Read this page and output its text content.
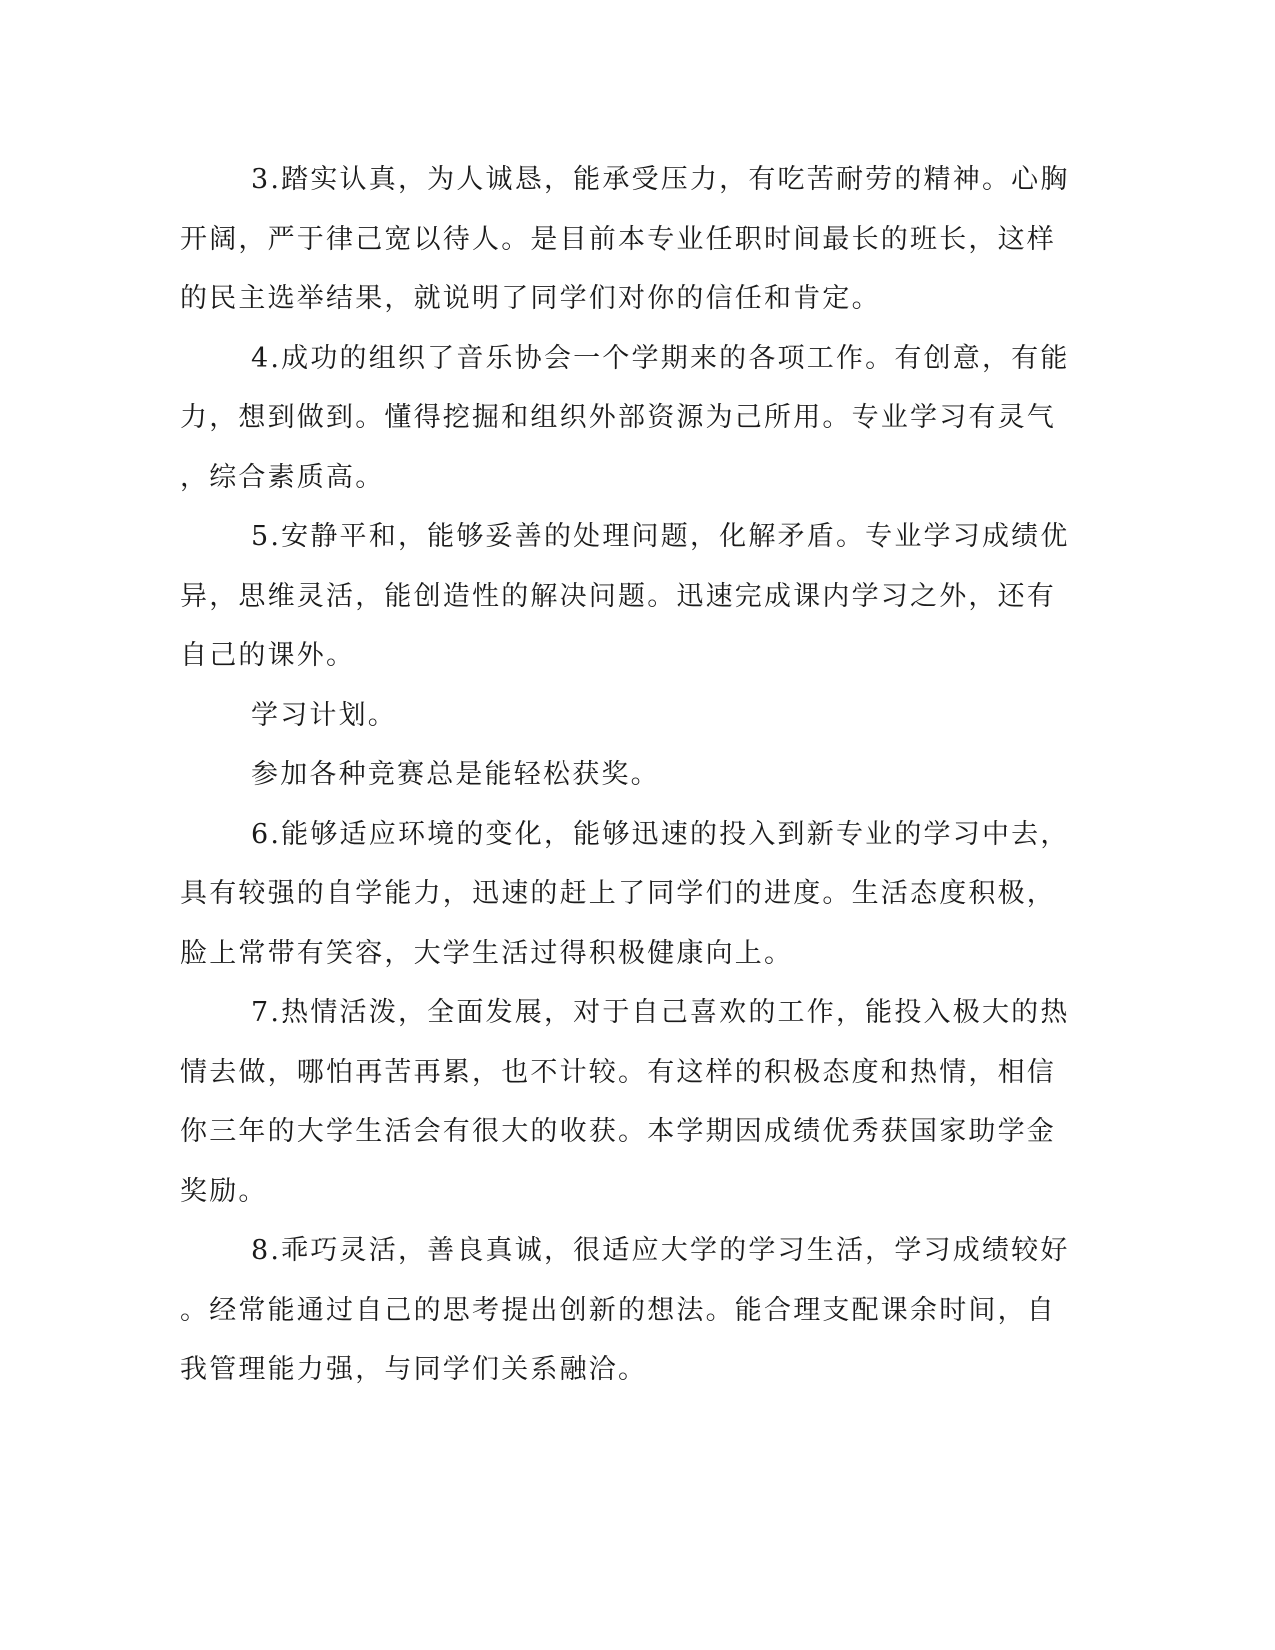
3.踏实认真，为人诚恳，能承受压力，有吃苦耐劳的精神。心胸
开阔，严于律己宽以待人。是目前本专业任职时间最长的班长，这样
的民主选举结果，就说明了同学们对你的信任和肯定。

4.成功的组织了音乐协会一个学期来的各项工作。有创意，有能
力，想到做到。懂得挖掘和组织外部资源为己所用。专业学习有灵气
，综合素质高。

5.安静平和，能够妥善的处理问题，化解矛盾。专业学习成绩优
异，思维灵活，能创造性的解决问题。迅速完成课内学习之外，还有
自己的课外。

学习计划。

参加各种竞赛总是能轻松获奖。

6.能够适应环境的变化，能够迅速的投入到新专业的学习中去，
具有较强的自学能力，迅速的赶上了同学们的进度。生活态度积极，
脸上常带有笑容，大学生活过得积极健康向上。

7.热情活泼，全面发展，对于自己喜欢的工作，能投入极大的热
情去做，哪怕再苦再累，也不计较。有这样的积极态度和热情，相信
你三年的大学生活会有很大的收获。本学期因成绩优秀获国家助学金
奖励。

8.乖巧灵活，善良真诚，很适应大学的学习生活，学习成绩较好
。经常能通过自己的思考提出创新的想法。能合理支配课余时间，自
我管理能力强，与同学们关系融洽。
